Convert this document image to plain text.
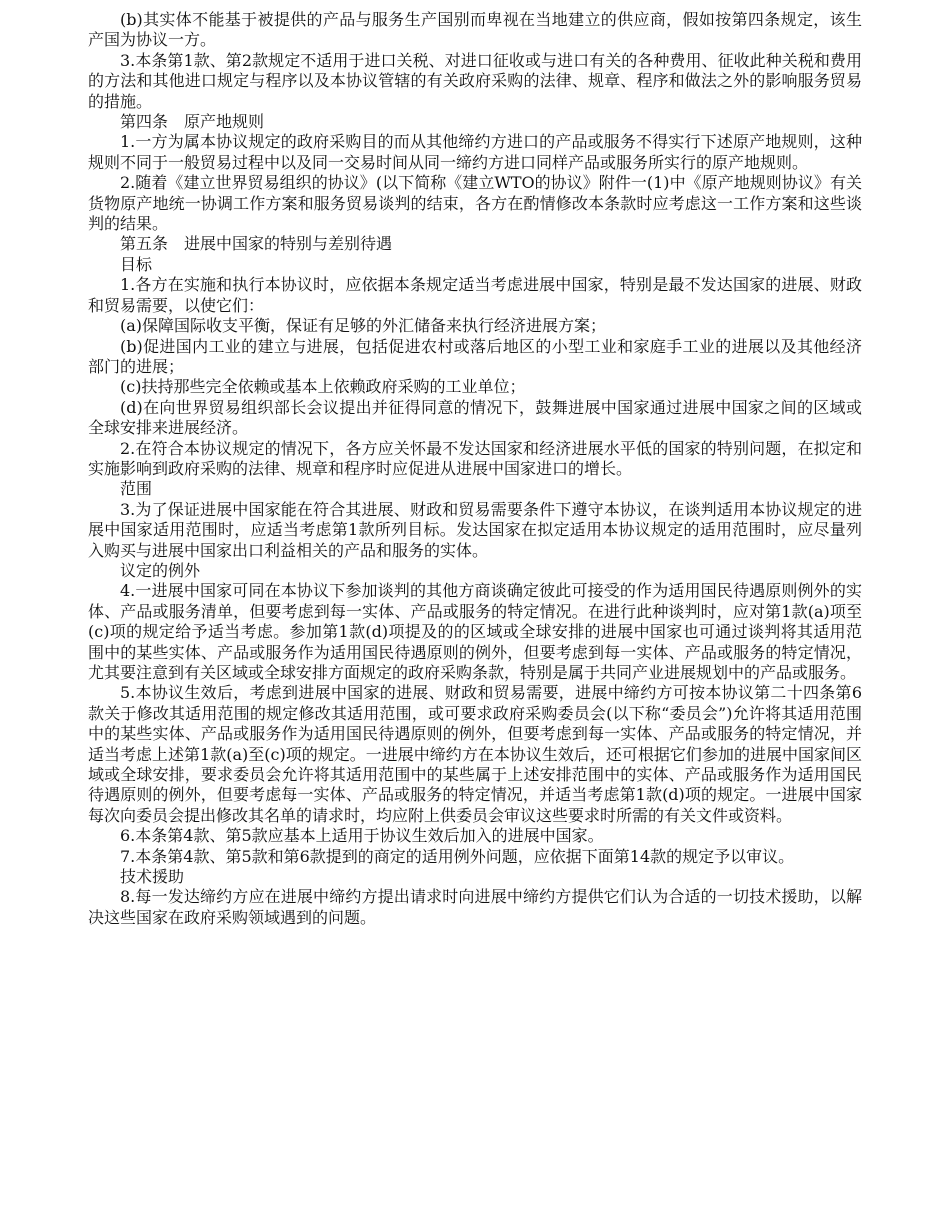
(b)其实体不能基于被提供的产品与服务生产国别而卑视在当地建立的供应商，假如按第四条规定，该生产国为协议一方。

3.本条第1款、第2款规定不适用于进口关税、对进口征收或与进口有关的各种费用、征收此种关税和费用的方法和其他进口规定与程序以及本协议管辖的有关政府采购的法律、规章、程序和做法之外的影响服务贸易的措施。

第四条　原产地规则

1.一方为属本协议规定的政府采购目的而从其他缔约方进口的产品或服务不得实行下述原产地规则，这种规则不同于一般贸易过程中以及同一交易时间从同一缔约方进口同样产品或服务所实行的原产地规则。

2.随着《建立世界贸易组织的协议》(以下简称《建立WTO的协议》附件一(1)中《原产地规则协议》有关货物原产地统一协调工作方案和服务贸易谈判的结束，各方在酌情修改本条款时应考虑这一工作方案和这些谈判的结果。

第五条　进展中国家的特别与差别待遇

目标

1.各方在实施和执行本协议时，应依据本条规定适当考虑进展中国家，特别是最不发达国家的进展、财政和贸易需要，以使它们：

(a)保障国际收支平衡，保证有足够的外汇储备来执行经济进展方案；

(b)促进国内工业的建立与进展，包括促进农村或落后地区的小型工业和家庭手工业的进展以及其他经济部门的进展；

(c)扶持那些完全依赖或基本上依赖政府采购的工业单位；

(d)在向世界贸易组织部长会议提出并征得同意的情况下，鼓舞进展中国家通过进展中国家之间的区域或全球安排来进展经济。

2.在符合本协议规定的情况下，各方应关怀最不发达国家和经济进展水平低的国家的特别问题，在拟定和实施影响到政府采购的法律、规章和程序时应促进从进展中国家进口的增长。

范围

3.为了保证进展中国家能在符合其进展、财政和贸易需要条件下遵守本协议，在谈判适用本协议规定的进展中国家适用范围时，应适当考虑第1款所列目标。发达国家在拟定适用本协议规定的适用范围时，应尽量列入购买与进展中国家出口利益相关的产品和服务的实体。

议定的例外

4.一进展中国家可同在本协议下参加谈判的其他方商谈确定彼此可接受的作为适用国民待遇原则例外的实体、产品或服务清单，但要考虑到每一实体、产品或服务的特定情况。在进行此种谈判时，应对第1款(a)项至(c)项的规定给予适当考虑。参加第1款(d)项提及的的区域或全球安排的进展中国家也可通过谈判将其适用范围中的某些实体、产品或服务作为适用国民待遇原则的例外，但要考虑到每一实体、产品或服务的特定情况，尤其要注意到有关区域或全球安排方面规定的政府采购条款，特别是属于共同产业进展规划中的产品或服务。

5.本协议生效后，考虑到进展中国家的进展、财政和贸易需要，进展中缔约方可按本协议第二十四条第6款关于修改其适用范围的规定修改其适用范围，或可要求政府采购委员会(以下称“委员会”)允许将其适用范围中的某些实体、产品或服务作为适用国民待遇原则的例外，但要考虑到每一实体、产品或服务的特定情况，并适当考虑上述第1款(a)至(c)项的规定。一进展中缔约方在本协议生效后，还可根据它们参加的进展中国家间区域或全球安排，要求委员会允许将其适用范围中的某些属于上述安排范围中的实体、产品或服务作为适用国民待遇原则的例外，但要考虑每一实体、产品或服务的特定情况，并适当考虑第1款(d)项的规定。一进展中国家每次向委员会提出修改其名单的请求时，均应附上供委员会审议这些要求时所需的有关文件或资料。

6.本条第4款、第5款应基本上适用于协议生效后加入的进展中国家。

7.本条第4款、第5款和第6款提到的商定的适用例外问题，应依据下面第14款的规定予以审议。

技术援助

8.每一发达缔约方应在进展中缔约方提出请求时向进展中缔约方提供它们认为合适的一切技术援助，以解决这些国家在政府采购领域遇到的问题。
